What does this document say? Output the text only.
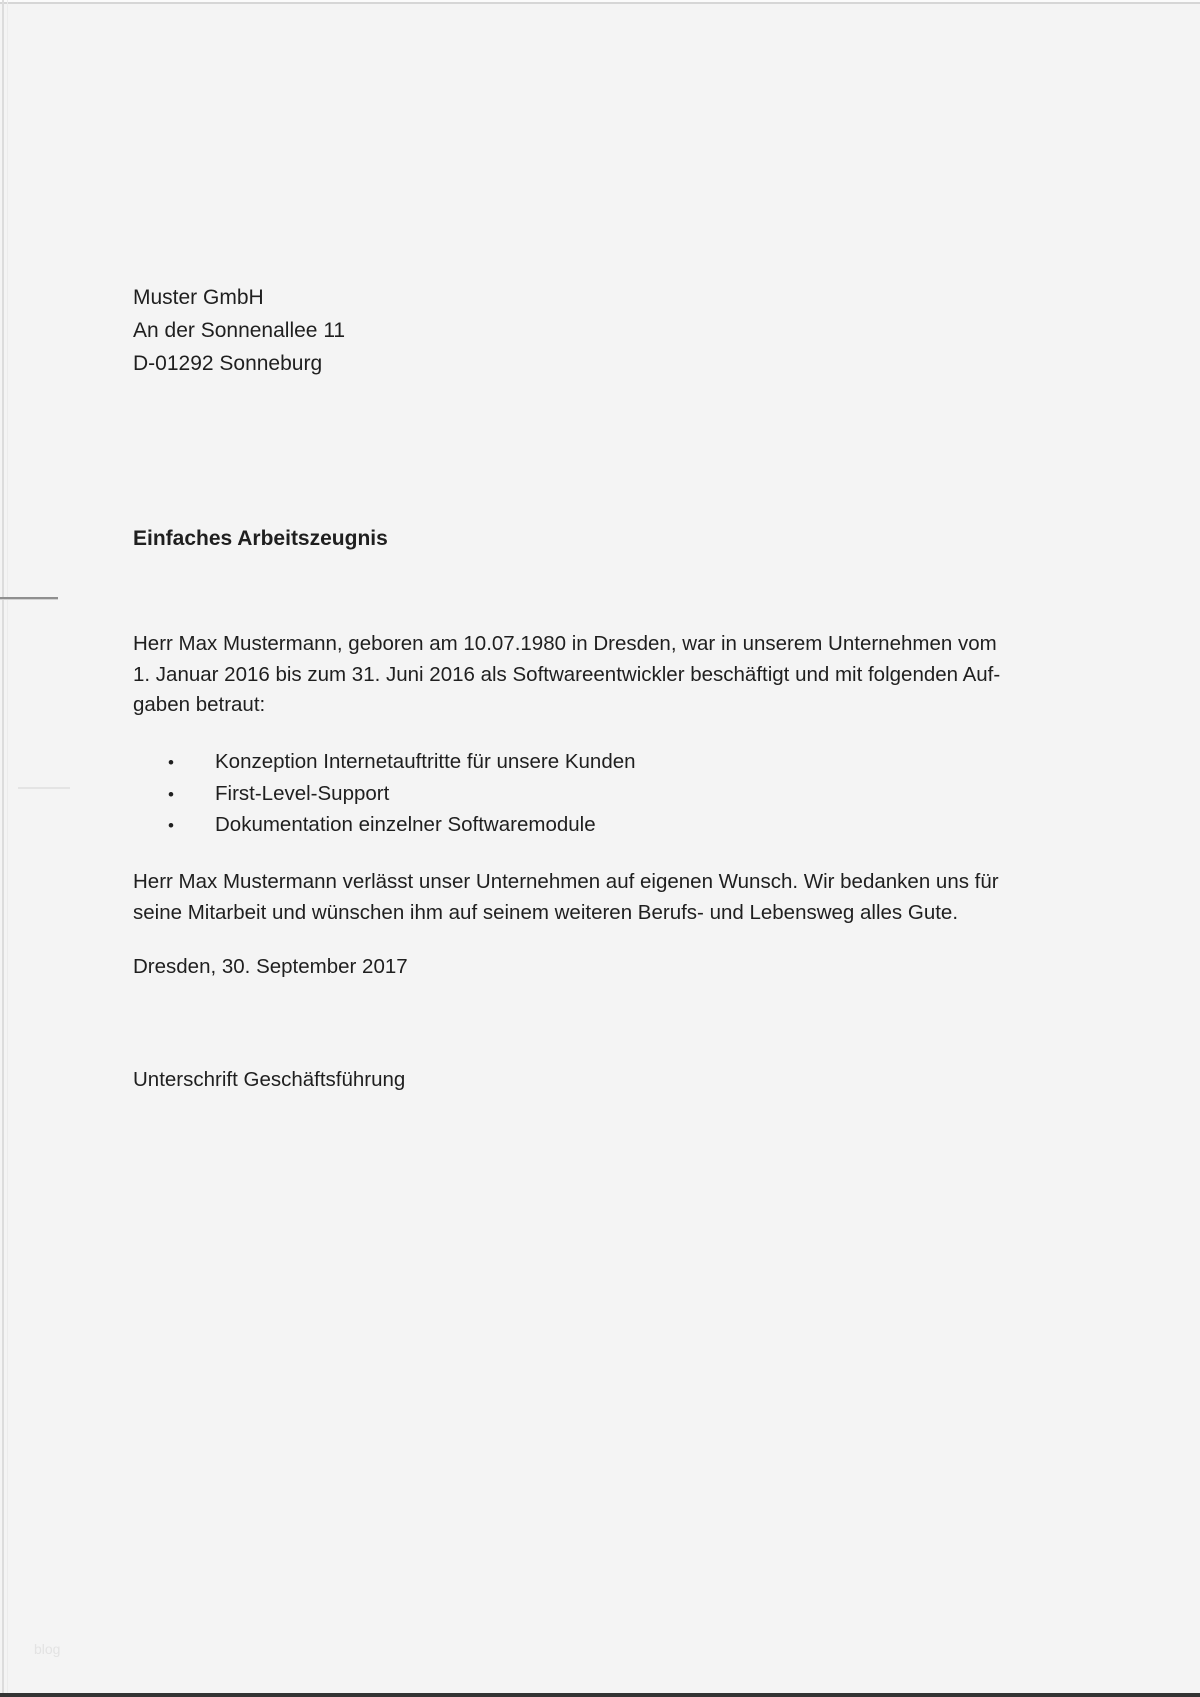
Muster GmbH
An der Sonnenallee 11
D-01292 Sonneburg
Einfaches Arbeitszeugnis
Herr Max Mustermann, geboren am 10.07.1980 in Dresden, war in unserem Unternehmen vom
1. Januar 2016 bis zum 31. Juni 2016 als Softwareentwickler beschäftigt und mit folgenden Auf-
gaben betraut:
•	Konzeption Internetauftritte für unsere Kunden
•	First-Level-Support
•	Dokumentation einzelner Softwaremodule
Herr Max Mustermann verlässt unser Unternehmen auf eigenen Wunsch. Wir bedanken uns für
seine Mitarbeit und wünschen ihm auf seinem weiteren Berufs- und Lebensweg alles Gute.
Dresden, 30. September 2017
Unterschrift Geschäftsführung
blog
